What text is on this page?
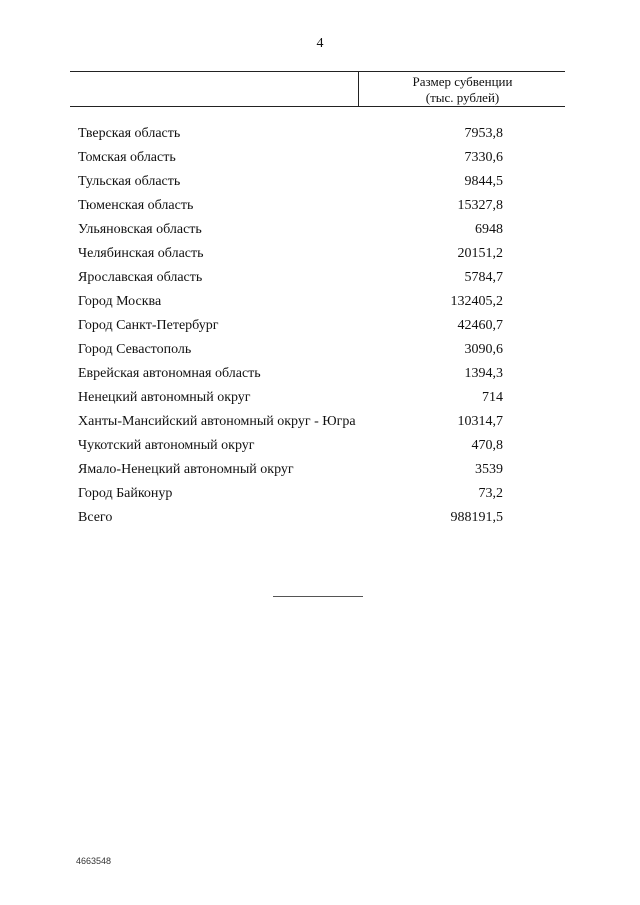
4
Размер субвенции
(тыс. рублей)
Тверская область	7953,8
Томская область	7330,6
Тульская область	9844,5
Тюменская область	15327,8
Ульяновская область	6948
Челябинская область	20151,2
Ярославская область	5784,7
Город Москва	132405,2
Город Санкт-Петербург	42460,7
Город Севастополь	3090,6
Еврейская автономная область	1394,3
Ненецкий автономный округ	714
Ханты-Мансийский автономный округ - Югра	10314,7
Чукотский автономный округ	470,8
Ямало-Ненецкий автономный округ	3539
Город Байконур	73,2
Всего	988191,5
4663548
